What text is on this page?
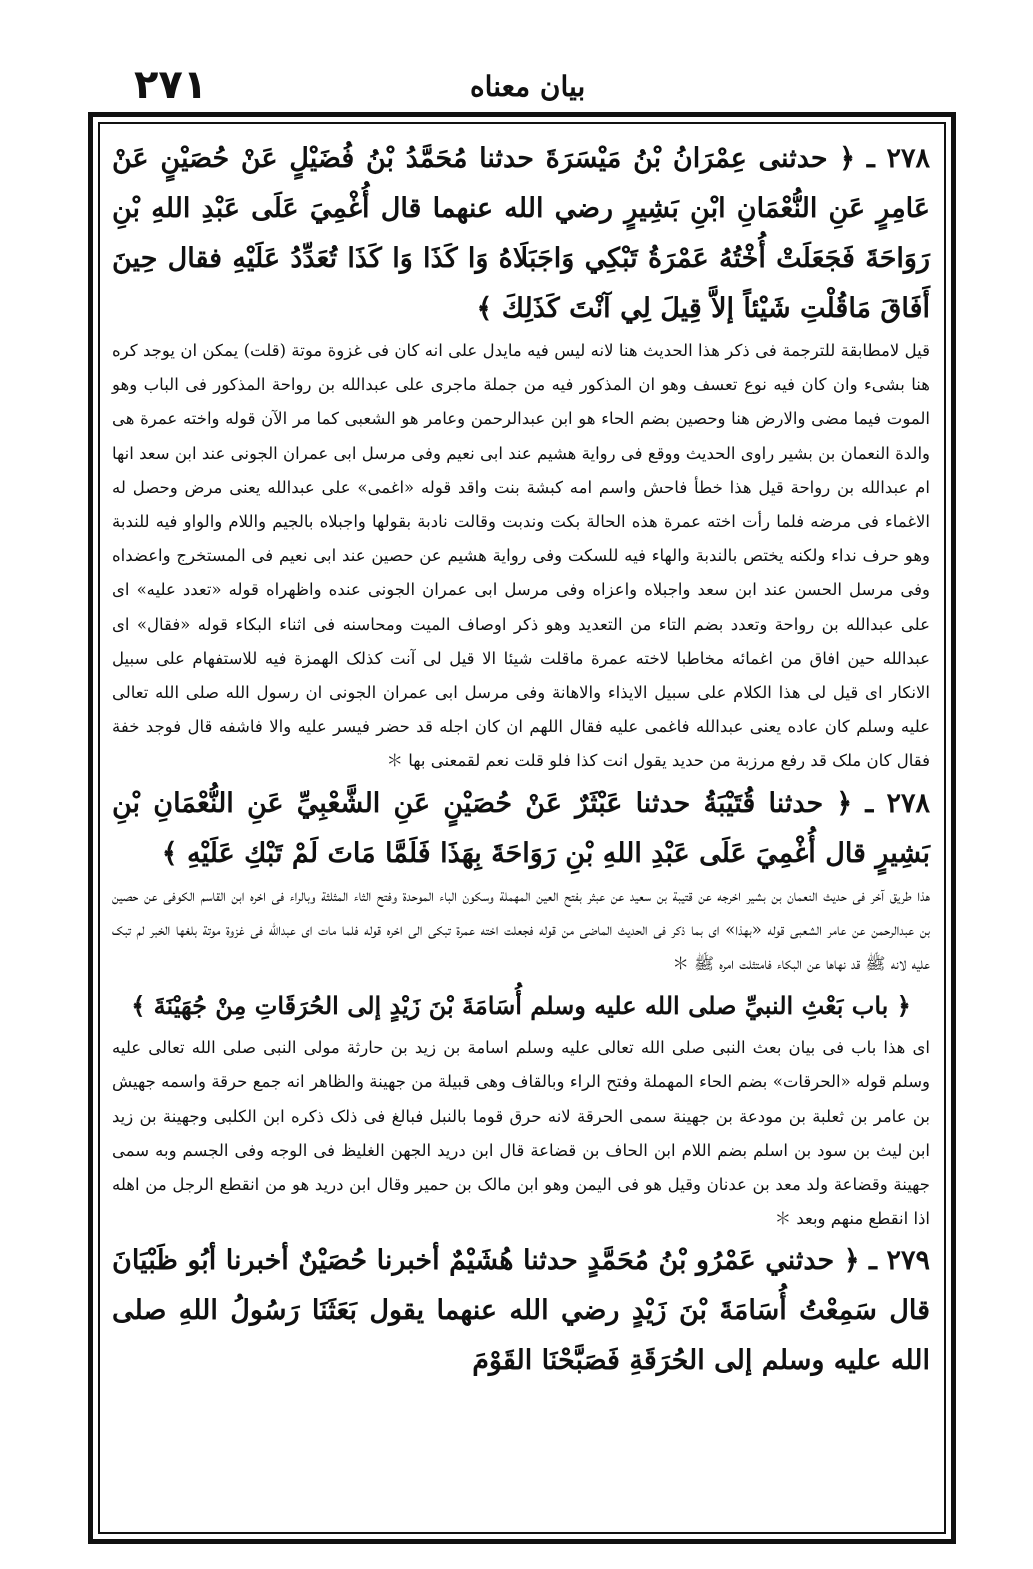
٢٧١	بیان معناه

٢٧٨ ـ ﴿ حدثنی عِمْرَانُ بْنُ مَيْسَرَةَ حدثنا مُحَمَّدُ بْنُ فُضَيْلٍ عَنْ حُصَيْنٍ عَنْ عَامِرٍ عَنِ النُّعْمَانِ ابْنِ بَشِيرٍ رضي الله عنهما قال أُغْمِيَ عَلَى عَبْدِ اللهِ بْنِ رَوَاحَةَ فَجَعَلَتْ أُخْتُهُ عَمْرَةُ تَبْكِي وَاجَبَلَاهُ وَا كَذَا وَا كَذَا تُعَدِّدُ عَلَيْهِ فقال حِينَ أَفَاقَ مَاقُلْتِ شَيْئاً إلاَّ قِيلَ لِي آنْتَ كَذَلِكَ ﴾

قیل لامطابقة للترجمة فی ذکر هذا الحدیث هنا لانه لیس فیه مایدل علی انه کان فی غزوة موتة (قلت) یمکن ان یوجد کره هنا بشیء وان کان فیه نوع تعسف وهو ان المذکور فیه من جملة ماجری علی عبدالله بن رواحة المذکور فی الباب وهو الموت فیما مضی والارض هنا وحصین بضم الحاء هو ابن عبدالرحمن وعامر هو الشعبی کما مر الآن قوله واخته عمرة هی والدة النعمان بن بشیر راوی الحدیث ووقع فی روایة هشیم عند ابی نعیم وفی مرسل ابی عمران الجونی عند ابن سعد انها ام عبدالله بن رواحة قیل هذا خطأ فاحش واسم امه کبشة بنت واقد قوله «اغمی» علی عبدالله یعنی مرض وحصل له الاغماء فی مرضه فلما رأت اخته عمرة هذه الحالة بکت وندبت وقالت نادبة بقولها واجبلاه بالجیم واللام والواو فیه للندبة وهو حرف نداء ولکنه یختص بالندبة والهاء فیه للسکت وفی روایة هشیم عن حصین عند ابی نعیم فی المستخرج واعضداه وفی مرسل الحسن عند ابن سعد واجبلاه واعزاه وفی مرسل ابی عمران الجونی عنده واظهراه قوله «تعدد علیه» ای علی عبدالله بن رواحة وتعدد بضم التاء من التعدید وهو ذکر اوصاف المیت ومحاسنه فی اثناء البکاء قوله «فقال» ای عبدالله حین افاق من اغمائه مخاطبا لاخته عمرة ماقلت شیئا الا قیل لی آنت کذلک الهمزة فیه للاستفهام علی سبیل الانکار ای قیل لی هذا الکلام علی سبیل الایذاء والاهانة وفی مرسل ابی عمران الجونی ان رسول الله صلی الله تعالی علیه وسلم کان عاده یعنی عبدالله فاغمی علیه فقال اللهم ان کان اجله قد حضر فیسر علیه والا فاشفه قال فوجد خفة فقال کان ملک قد رفع مرزبة من حدید یقول انت کذا فلو قلت نعم لقمعنی بها ＊

٢٧٨ ـ ﴿ حدثنا قُتَيْبَةُ حدثنا عَبْثَرٌ عَنْ حُصَيْنٍ عَنِ الشَّعْبِيِّ عَنِ النُّعْمَانِ بْنِ بَشِيرٍ قال أُغْمِيَ عَلَى عَبْدِ اللهِ بْنِ رَوَاحَةَ بِهَذَا فَلَمَّا مَاتَ لَمْ تَبْكِ عَلَيْهِ ﴾

هذا طریق آخر فی حدیث النعمان بن بشیر اخرجه عن قتیبة بن سعید عن عبثر بفتح العین المهملة وسکون الباء الموحدة وفتح الثاء المثلثة وبالراء فی اخره ابن القاسم الکوفی عن حصین بن عبدالرحمن عن عامر الشعبی قوله «بهذا» ای بما ذکر فی الحدیث الماضی من قوله فجعلت اخته عمرة تبکی الی اخره قوله فلما مات ای عبدالله فی غزوة موتة بلغها الخبر لم تبک علیه لانه ﷺ قد نهاها عن البکاء فامتثلت امره ﷺ ＊

﴿ باب بَعْثِ النبيِّ صلى الله عليه وسلم أُسَامَةَ بْنَ زَيْدٍ إلى الحُرَقَاتِ مِنْ جُهَيْنَةَ ﴾

ای هذا باب فی بیان بعث النبی صلی الله تعالی علیه وسلم اسامة بن زید بن حارثة مولی النبی صلی الله تعالی علیه وسلم قوله «الحرقات» بضم الحاء المهملة وفتح الراء وبالقاف وهی قبیلة من جهینة والظاهر انه جمع حرقة واسمه جهیش بن عامر بن ثعلبة بن مودعة بن جهینة سمی الحرقة لانه حرق قوما بالنبل فبالغ فی ذلک ذکره ابن الکلبی وجهینة بن زید ابن لیث بن سود بن اسلم بضم اللام ابن الحاف بن قضاعة قال ابن درید الجهن الغلیظ فی الوجه وفی الجسم وبه سمی جهینة وقضاعة ولد معد بن عدنان وقیل هو فی الیمن وهو ابن مالک بن حمیر وقال ابن درید هو من انقطع الرجل من اهله اذا انقطع منهم وبعد ＊

٢٧٩ ـ ﴿ حدثني عَمْرُو بْنُ مُحَمَّدٍ حدثنا هُشَيْمٌ أخبرنا حُصَيْنٌ أخبرنا أبُو ظَبْيَانَ قال سَمِعْتُ أُسَامَةَ بْنَ زَيْدٍ رضي الله عنهما يقول بَعَثَنَا رَسُولُ اللهِ صلى الله عليه وسلم إلى الحُرَقَةِ فَصَبَّحْنَا القَوْمَ
